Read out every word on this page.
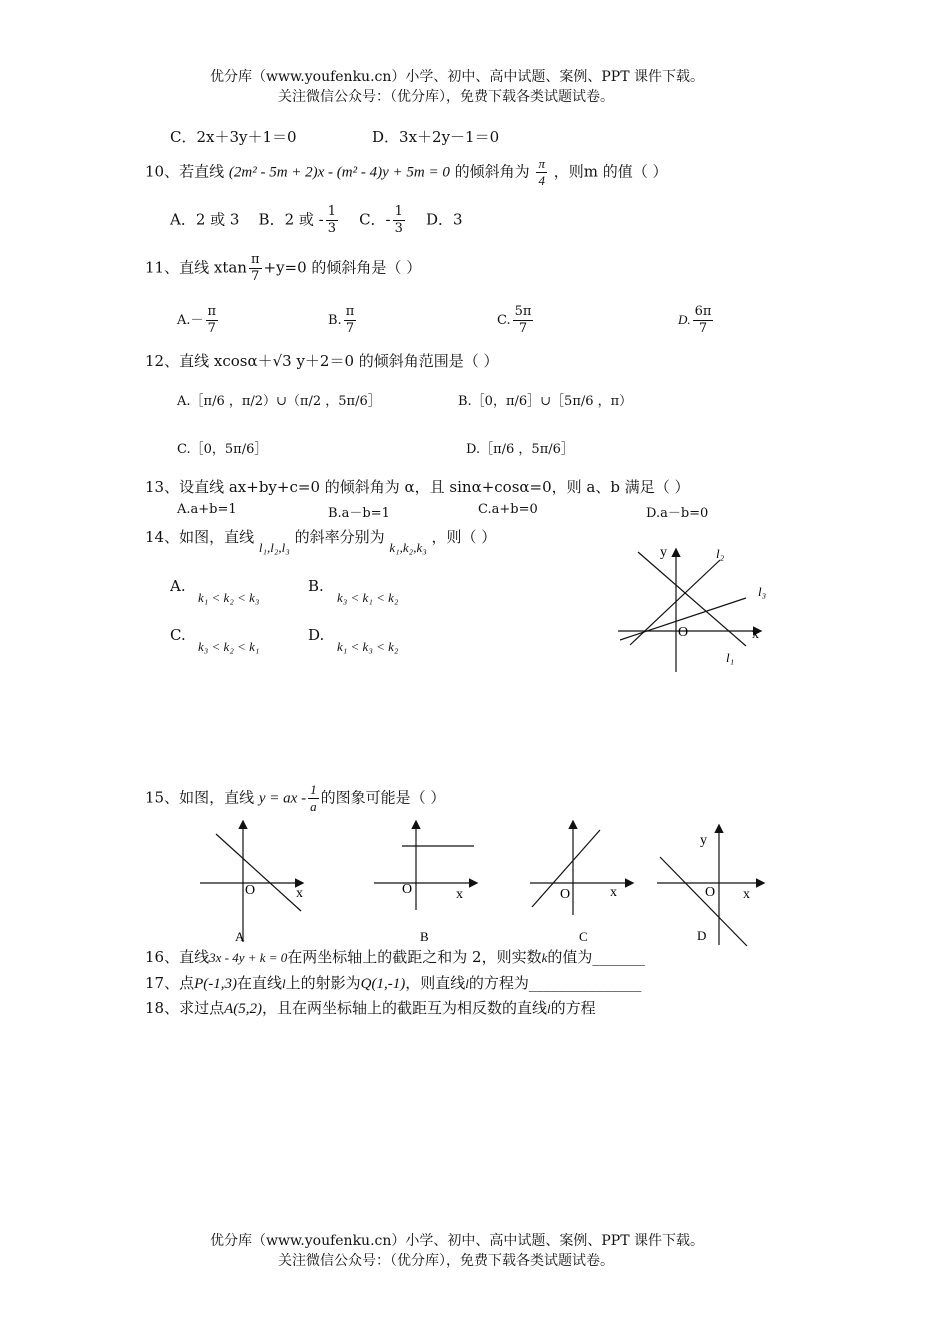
优分库（www.youfenku.cn）小学、初中、高中试题、案例、PPT 课件下载。
关注微信公众号：（优分库），免费下载各类试题试卷。
C．2x＋3y＋1＝0	D．3x＋2y－1＝0
10、若直线 (2m² - 5m + 2)x - (m² - 4)y + 5m = 0 的倾斜角为 $\frac{\pi}{4}$ ，则m 的值（ ）
A．2 或 3 B．2 或 - $\frac{1}{3}$ C．- $\frac{1}{3}$ D．3
11、直线 xtan $\frac{\pi}{7} +y=0$ 的倾斜角是（ ）
$A.- \frac{\pi}{7}$	B. $\frac{\pi}{7}$	C. $\frac{5\pi}{7}$	D. $\frac{6\pi}{7}$
12、直线 xcosα＋√3 y＋2＝0 的倾斜角范围是（ ）
A.［π/6 ，π/2）∪（π/2 ，5π/6］	B.［0，π/6］∪［5π/6 ，π）
C.［0，5π/6］	D.［π/6 ，5π/6］
13、设直线 ax+by+c=0 的倾斜角为 α，且 sinα+cosα=0，则 a、b 满足（ ）
A.a+b=1	B.a－b=1	C.a+b=0	D.a－b=0
14、如图，直线 l₁,l₂,l₃ 的斜率分别为 k₁,k₂,k₃ ，则（ ）
A.
k₁ < k₂ < k₃
B.
k₃ < k₁ < k₂
C.
k₃ < k₂ < k₁
D.
k₁ < k₃ < k₂
y
x
O
l₂
l₃
l₁
15、如图，直线 y = ax - $\frac{1}{a}$ 的图象可能是（ ）
O	x
A
O	x
B
O	x
C
y
O x
D
16、直线3x - 4y + k = 0在两坐标轴上的截距之和为 2，则实数k的值为_______
17、点P(-1,3)在直线l上的射影为Q(1,-1)，则直线l的方程为_______________
18、求过点A(5,2)，且在两坐标轴上的截距互为相反数的直线l的方程
优分库（www.youfenku.cn）小学、初中、高中试题、案例、PPT 课件下载。
关注微信公众号：（优分库），免费下载各类试题试卷。
